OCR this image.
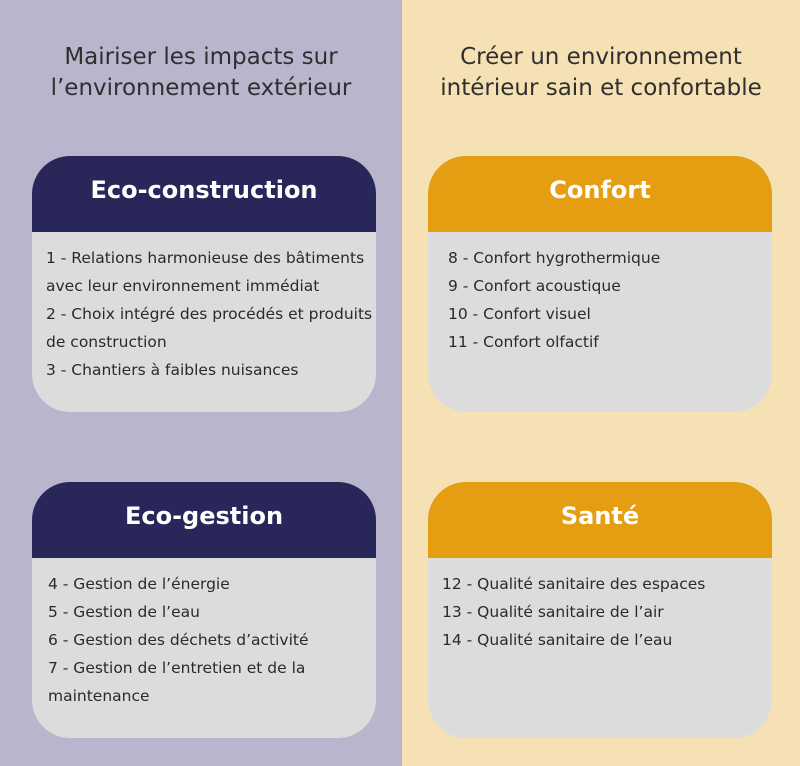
Mairiser les impacts sur
l’environnement extérieur
Créer un environnement
intérieur sain et confortable
Eco-construction
1 - Relations harmonieuse des bâtiments
avec leur environnement immédiat
2 - Choix intégré des procédés et produits
de construction
3 - Chantiers à faibles nuisances
Confort
8 - Confort hygrothermique
9 - Confort acoustique
10 - Confort visuel
11 - Confort olfactif
Eco-gestion
4 - Gestion de l’énergie
5 - Gestion de l’eau
6 - Gestion des déchets d’activité
7 - Gestion de l’entretien et de la
maintenance
Santé
12 - Qualité sanitaire des espaces
13 - Qualité sanitaire de l’air
14 - Qualité sanitaire de l’eau
